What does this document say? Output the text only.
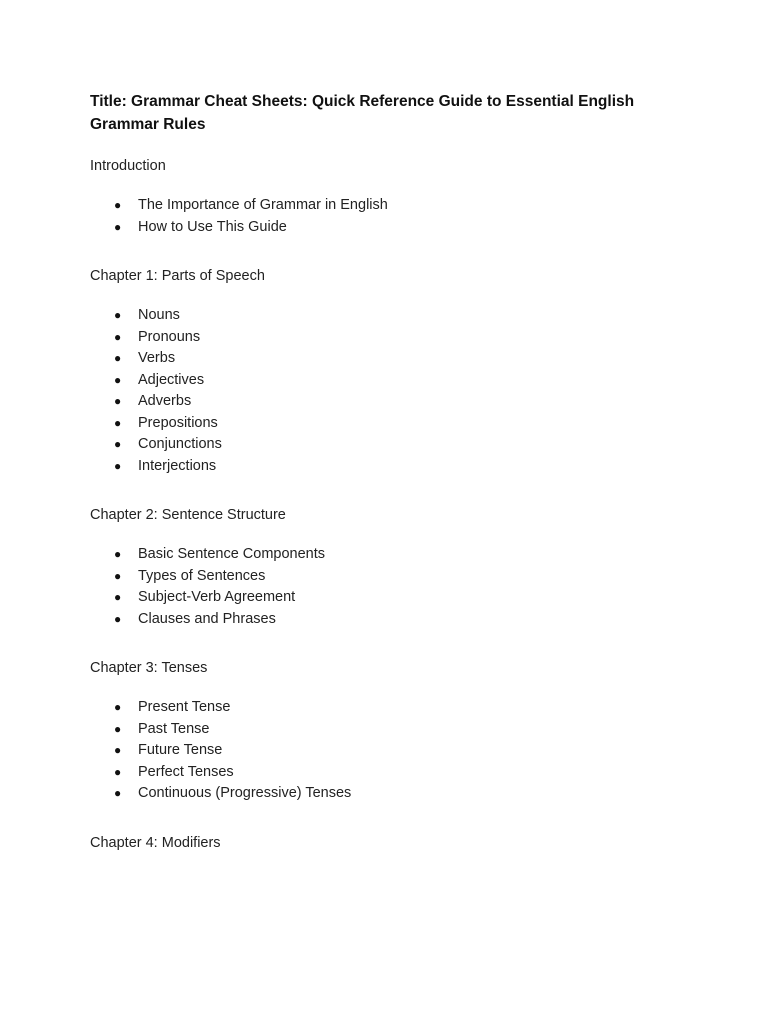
Title: Grammar Cheat Sheets: Quick Reference Guide to Essential English Grammar Rules

Introduction

●	The Importance of Grammar in English
●	How to Use This Guide

Chapter 1: Parts of Speech

●	Nouns
●	Pronouns
●	Verbs
●	Adjectives
●	Adverbs
●	Prepositions
●	Conjunctions
●	Interjections

Chapter 2: Sentence Structure

●	Basic Sentence Components
●	Types of Sentences
●	Subject-Verb Agreement
●	Clauses and Phrases

Chapter 3: Tenses

●	Present Tense
●	Past Tense
●	Future Tense
●	Perfect Tenses
●	Continuous (Progressive) Tenses

Chapter 4: Modifiers
